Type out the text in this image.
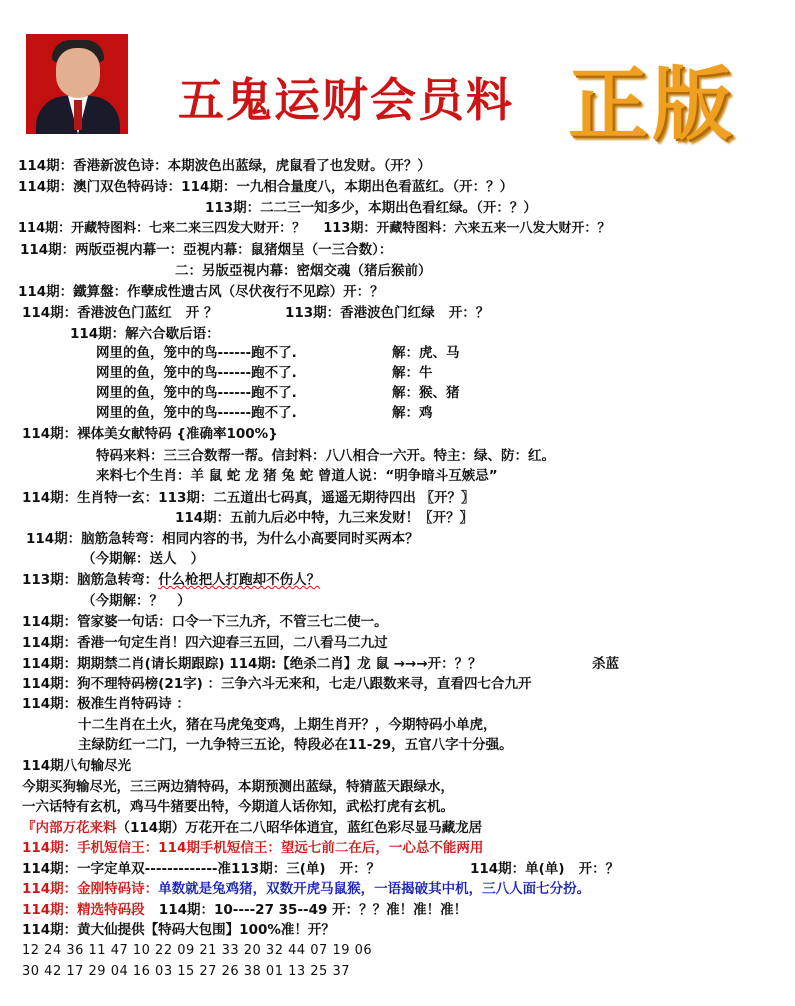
五鬼运财会员料 正版
114期：香港新波色诗：本期波色出蓝绿，虎鼠看了也发财。（开？）
114期：澳门双色特码诗：114期：一九相合量度八，本期出色看蓝红。（开：？）
113期：二二三一知多少，本期出色看红绿。（开：？）
114期：开藏特图料：七来二来三四发大财开：？    113期：开藏特图料：六来五来一八发大财开：？
114期：两版亞視内幕一：亞視内幕：鼠猪烟呈（一三合数）：
二：另版亞視内幕：密烟交魂（猪后猴前）
114期：鐵算盤：作孽成性遗古风（尽伏夜行不见踪）开：？
114期：香港波色门蓝红   开 ？	113期：香港波色门红绿   开：？
114期：解六合歇后语：
网里的鱼，笼中的鸟------跑不了.	解：虎、马
网里的鱼，笼中的鸟------跑不了.	解：牛
网里的鱼，笼中的鸟------跑不了.	解：猴、猪
网里的鱼，笼中的鸟------跑不了.	解：鸡
114期：裸体美女献特码 {准确率100%}
特码来料：三三合数帮一帮。信封料：八八相合一六开。特主：绿、防：红。
来料七个生肖：羊 鼠 蛇 龙 猪 兔 蛇 曾道人说：“明争暗斗互嫉忌”
114期：生肖特一玄：113期：二五道出七码真，遥遥无期待四出 〖开？〗
114期：五前九后必中特，九三来发财！〖开？〗
114期：脑筋急转弯：相同内容的书，为什么小高要同时买两本？
（今期解：送人   ）
113期：脑筋急转弯：什么枪把人打跑却不伤人？
（今期解：？   ）
114期：管家婆一句话：口令一下三九齐，不管三七二使一。
114期：香港一句定生肖！四六迎春三五回，二八看马二九过
114期：期期禁二肖(请长期跟踪) 114期:【绝杀二肖】龙 鼠 →→→开：？？	杀蓝
114期：狗不理特码榜(21字) ：三争六斗无来和，七走八跟数来寻，直看四七合九开
114期：极准生肖特码诗 ：
十二生肖在土火，猪在马虎兔变鸡，上期生肖开？，今期特码小单虎，
主绿防红一二门，一九争特三五论，特段必在11-29，五官八字十分强。
114期八句输尽光
今期买狗输尽光，三三两边猜特码，本期预测出蓝绿，特猜蓝天跟绿水，
一六话特有玄机，鸡马牛猪要出特，今期道人话你知，武松打虎有玄机。
『内部万花来料（114期）万花开在二八昭华体逍宜，蓝红色彩尽显马藏龙居
114期：手机短信王：114期手机短信王：望远七前二在后，一心总不能两用
114期：一字定单双-------------准113期：三(单)   开：？	114期：单(单)   开：？
114期：金刚特码诗：单数就是兔鸡猪，双数开虎马鼠猴，一语揭破其中机，三八人面七分扮。
114期：精选特码段 114期：10----27 35--49 开：？？准！准！准！
114期：黄大仙提供【特码大包围】100%准！开？
12 24 36 11 47 10 22 09 21 33 20 32 44 07 19 06
30 42 17 29 04 16 03 15 27 26 38 01 13 25 37
